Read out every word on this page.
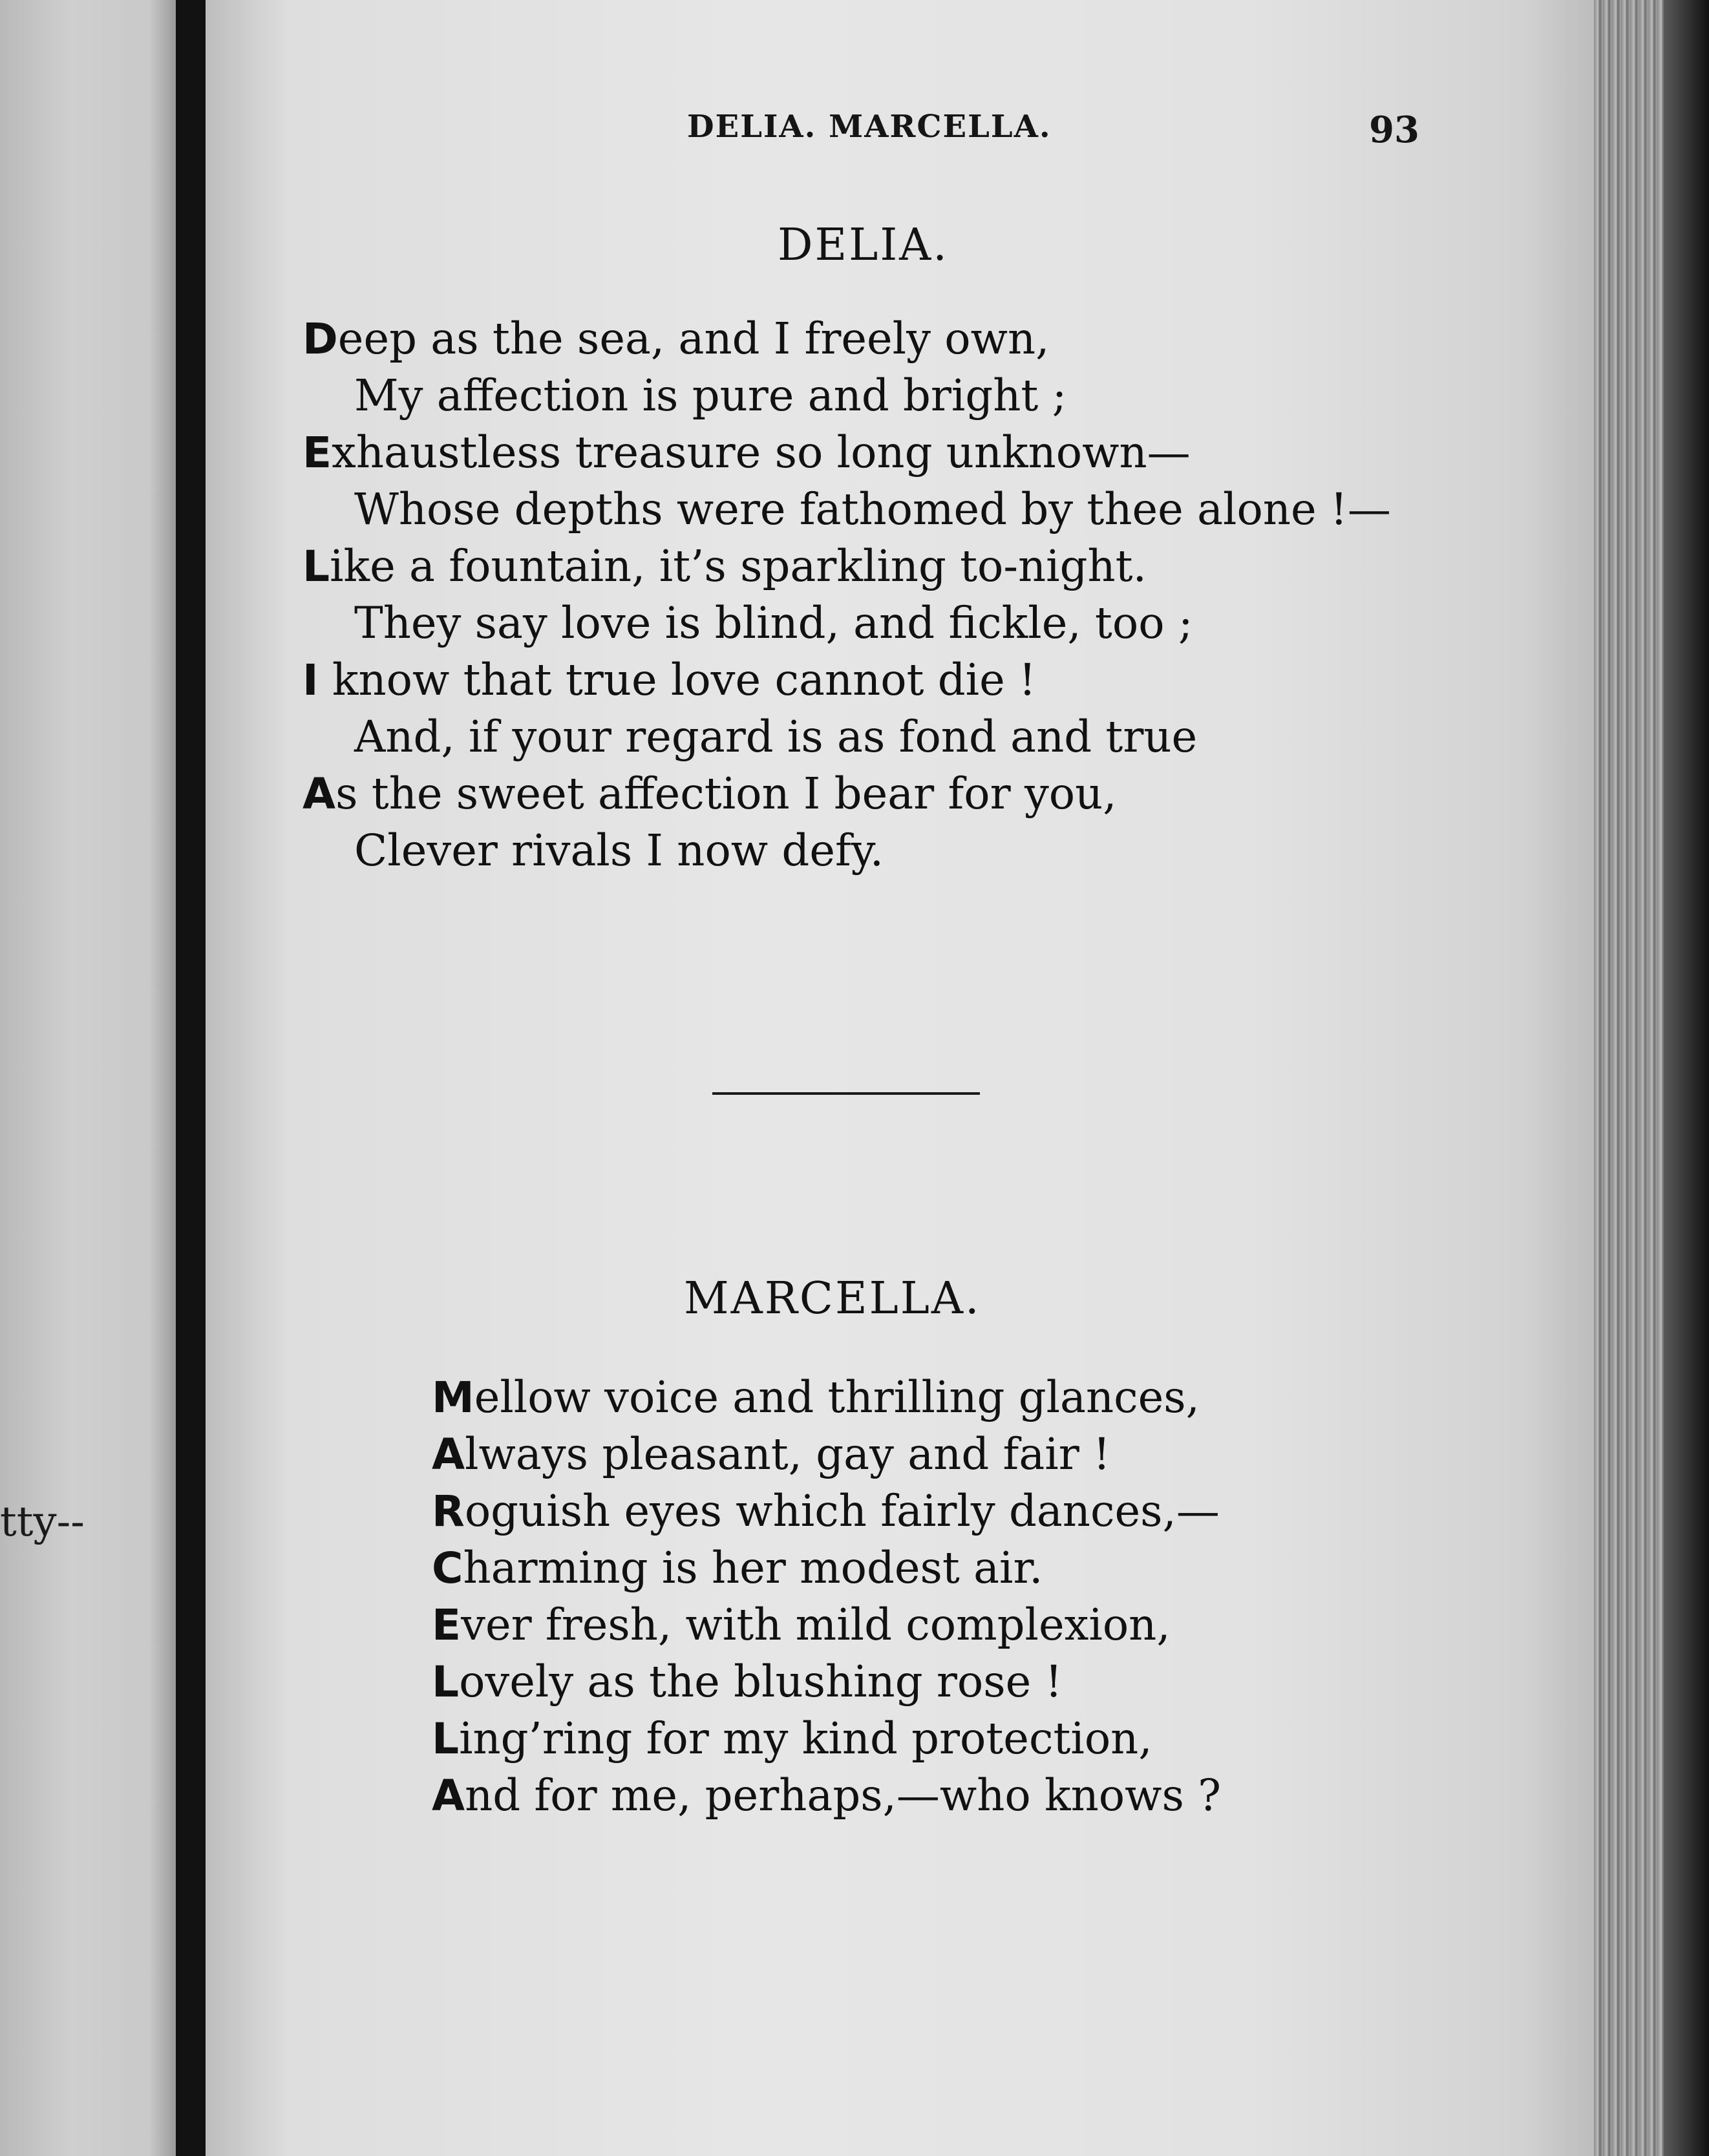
tty--
DELIA. MARCELLA.	93
DELIA.
Deep as the sea, and I freely own,
My affection is pure and bright ;
Exhaustless treasure so long unknown—
Whose depths were fathomed by thee alone !—
Like a fountain, it’s sparkling to-night.
They say love is blind, and fickle, too ;
I know that true love cannot die !
And, if your regard is as fond and true
As the sweet affection I bear for you,
Clever rivals I now defy.
MARCELLA.
Mellow voice and thrilling glances,
Always pleasant, gay and fair !
Roguish eyes which fairly dances,—
Charming is her modest air.
Ever fresh, with mild complexion,
Lovely as the blushing rose !
Ling’ring for my kind protection,
And for me, perhaps,—who knows ?
